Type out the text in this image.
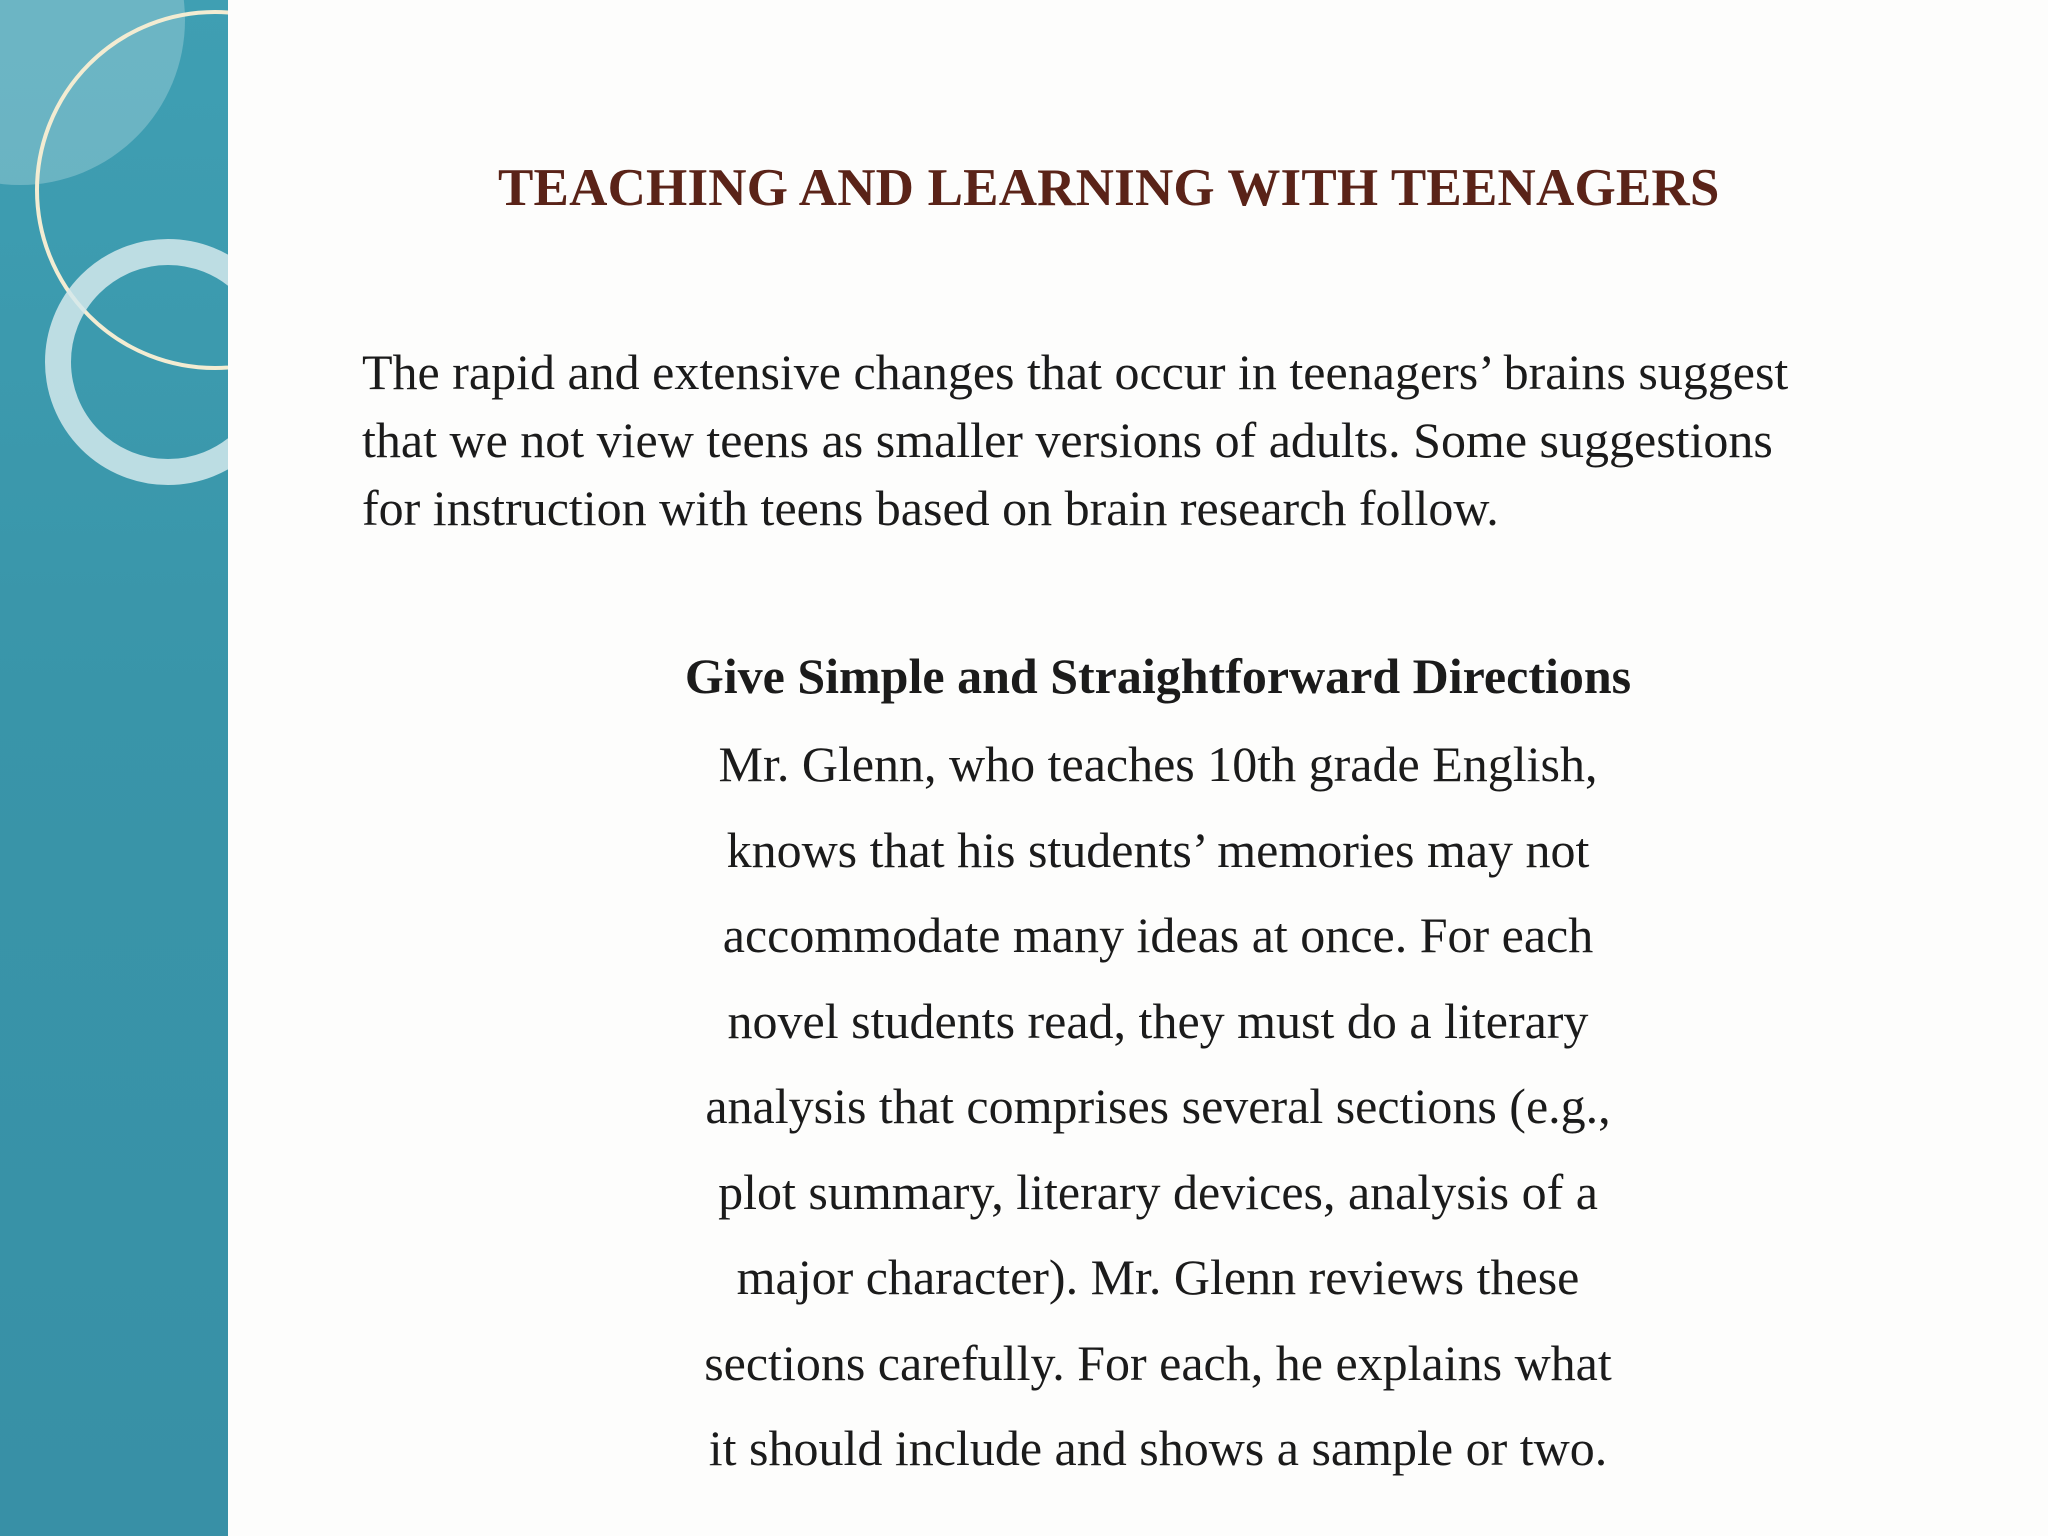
TEACHING AND LEARNING WITH TEENAGERS

The rapid and extensive changes that occur in teenagers’ brains suggest
that we not view teens as smaller versions of adults. Some suggestions
for instruction with teens based on brain research follow.

Give Simple and Straightforward Directions

Mr. Glenn, who teaches 10th grade English,
knows that his students’ memories may not
accommodate many ideas at once. For each
novel students read, they must do a literary
analysis that comprises several sections (e.g.,
plot summary, literary devices, analysis of a
major character). Mr. Glenn reviews these
sections carefully. For each, he explains what
it should include and shows a sample or two.
